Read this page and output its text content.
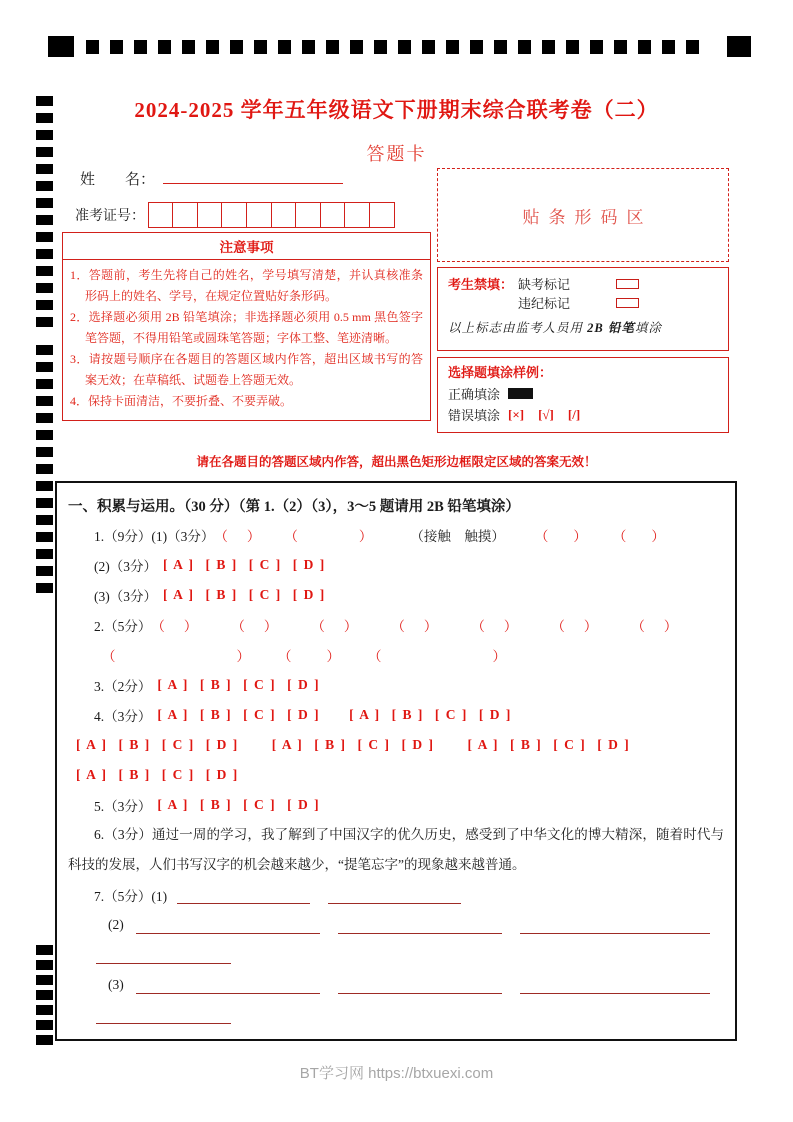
2024-2025 学年五年级语文下册期末综合联考卷（二）
答题卡
姓　　名：
准考证号：
注意事项
1．答题前，考生先将自己的姓名，学号填写清楚，并认真核准条形码上的姓名、学号，在规定位置贴好条形码。
2．选择题必须用 2B 铅笔填涂；非选择题必须用 0.5 mm 黑色签字笔答题，不得用铅笔或圆珠笔答题；字体工整、笔迹清晰。
3．请按题号顺序在各题目的答题区域内作答，超出区域书写的答案无效；在草稿纸、试题卷上答题无效。
4．保持卡面清洁，不要折叠、不要弄破。
贴条形码区
考生禁填： 缺考标记
违纪标记
以上标志由监考人员用 2B 铅笔填涂
选择题填涂样例：
正确填涂
错误填涂 [×] [√] [/]
请在各题目的答题区域内作答，超出黑色矩形边框限定区域的答案无效！
一、积累与运用。（30 分）（第 1.（2）（3），3～5 题请用 2B 铅笔填涂）
1.（9分）(1)（3分） （ ） （	）	（接触　触摸） （ ） （ ）
(2)（3分） [ A ] [ B ] [ C ] [ D ]
(3)（3分） [ A ] [ B ] [ C ] [ D ]
2.（5分） （ ）	（ ）	（ ）	（ ）	（ ）	（ ）	（ ）
（	） （	） （	）
3.（2分） [ A ] [ B ] [ C ] [ D ]
4.（3分） [ A ] [ B ] [ C ] [ D ] [ A ] [ B ] [ C ] [ D ]
[ A ] [ B ] [ C ] [ D ] [ A ] [ B ] [ C ] [ D ] [ A ] [ B ] [ C ] [ D ]
[ A ] [ B ] [ C ] [ D ]
5.（3分） [ A ] [ B ] [ C ] [ D ]
6.（3分）通过一周的学习，我了解到了中国汉字的优久历史，感受到了中华文化的博大精深，随着时代与科技的发展，人们书写汉字的机会越来越少，“提笔忘字”的现象越来越普通。
7.（5分）(1)
(2)
(3)
BT学习网 https://btxuexi.com
